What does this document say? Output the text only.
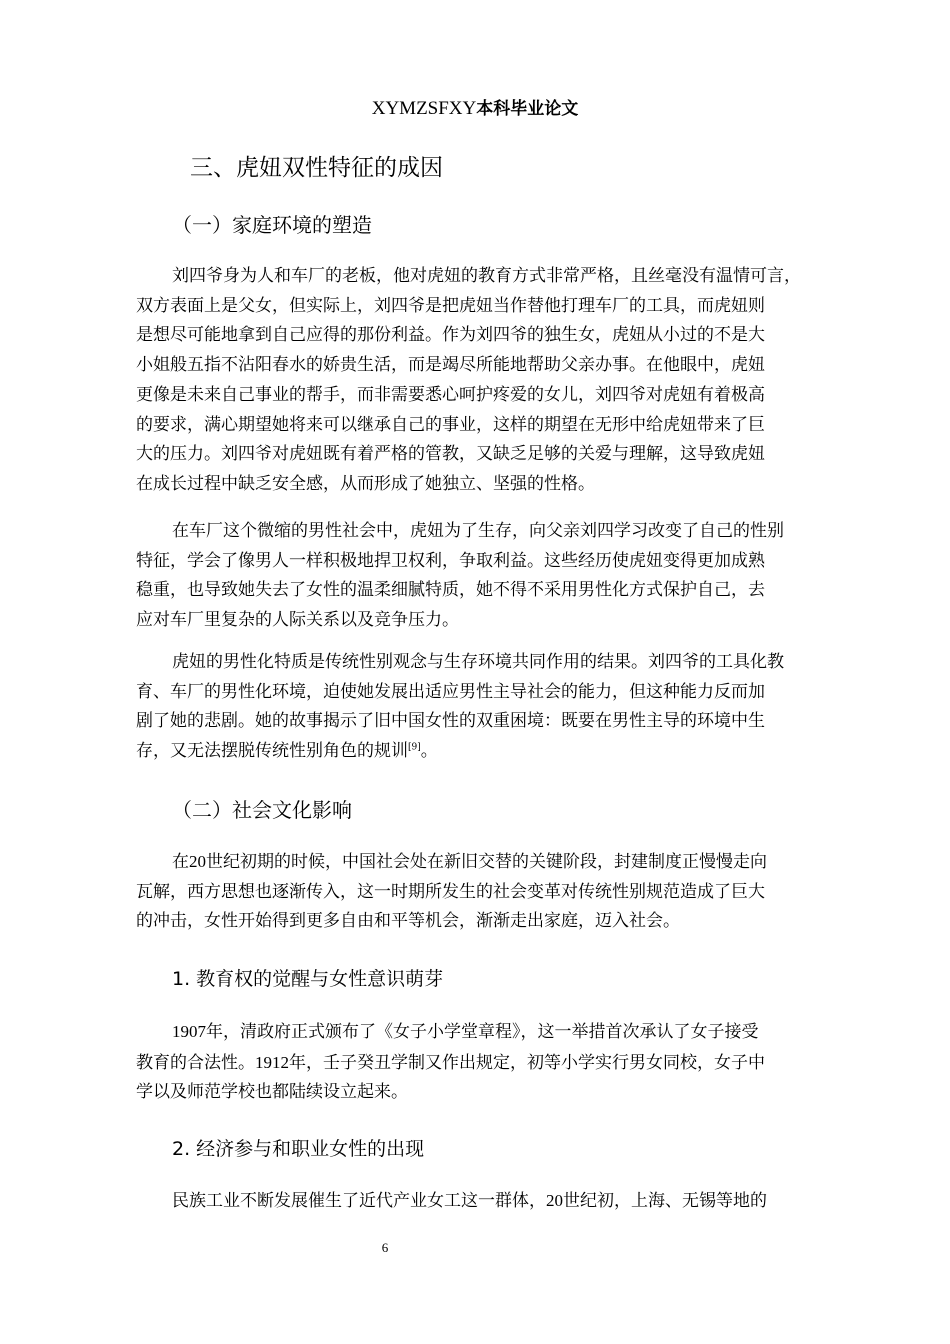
XYMZSFXY本科毕业论文
三、虎妞双性特征的成因
（一）家庭环境的塑造
刘四爷身为人和车厂的老板，他对虎妞的教育方式非常严格，且丝毫没有温情可言，
双方表面上是父女，但实际上，刘四爷是把虎妞当作替他打理车厂的工具，而虎妞则
是想尽可能地拿到自己应得的那份利益。作为刘四爷的独生女，虎妞从小过的不是大
小姐般五指不沾阳春水的娇贵生活，而是竭尽所能地帮助父亲办事。在他眼中，虎妞
更像是未来自己事业的帮手，而非需要悉心呵护疼爱的女儿，刘四爷对虎妞有着极高
的要求，满心期望她将来可以继承自己的事业，这样的期望在无形中给虎妞带来了巨
大的压力。刘四爷对虎妞既有着严格的管教，又缺乏足够的关爱与理解，这导致虎妞
在成长过程中缺乏安全感，从而形成了她独立、坚强的性格。
在车厂这个微缩的男性社会中，虎妞为了生存，向父亲刘四学习改变了自己的性别
特征，学会了像男人一样积极地捍卫权利，争取利益。这些经历使虎妞变得更加成熟
稳重，也导致她失去了女性的温柔细腻特质，她不得不采用男性化方式保护自己，去
应对车厂里复杂的人际关系以及竞争压力。
虎妞的男性化特质是传统性别观念与生存环境共同作用的结果。刘四爷的工具化教
育、车厂的男性化环境，迫使她发展出适应男性主导社会的能力，但这种能力反而加
剧了她的悲剧。她的故事揭示了旧中国女性的双重困境：既要在男性主导的环境中生
存，又无法摆脱传统性别角色的规训[9]。
（二）社会文化影响
在20世纪初期的时候，中国社会处在新旧交替的关键阶段，封建制度正慢慢走向
瓦解，西方思想也逐渐传入，这一时期所发生的社会变革对传统性别规范造成了巨大
的冲击，女性开始得到更多自由和平等机会，渐渐走出家庭，迈入社会。
1. 教育权的觉醒与女性意识萌芽
1907年，清政府正式颁布了《女子小学堂章程》，这一举措首次承认了女子接受
教育的合法性。1912年，壬子癸丑学制又作出规定，初等小学实行男女同校，女子中
学以及师范学校也都陆续设立起来。
2. 经济参与和职业女性的出现
民族工业不断发展催生了近代产业女工这一群体，20世纪初，上海、无锡等地的
6
